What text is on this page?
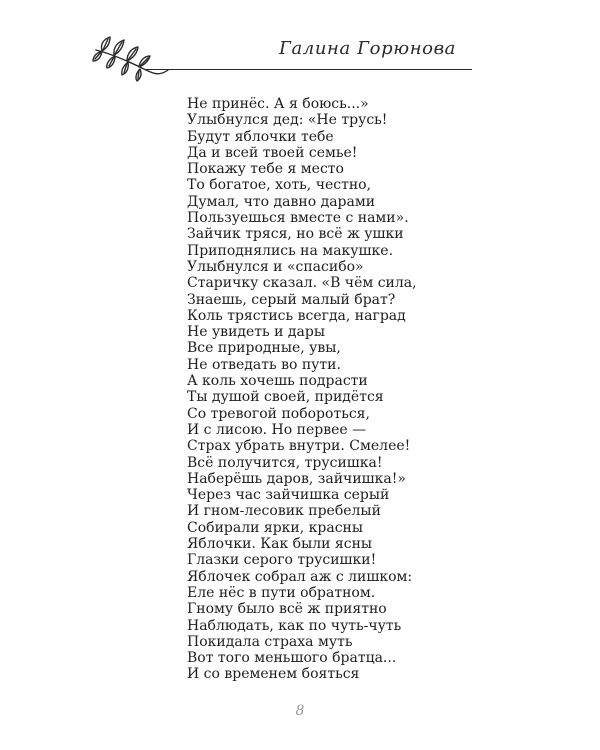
Галина Горюнова
Не принёс. А я боюсь...»
Улыбнулся дед: «Не трусь!
Будут яблочки тебе
Да и всей твоей семье!
Покажу тебе я место
То богатое, хоть, честно,
Думал, что давно дарами
Пользуешься вместе с нами».
Зайчик тряся, но всё ж ушки
Приподнялись на макушке.
Улыбнулся и «спасибо»
Старичку сказал. «В чём сила,
Знаешь, серый малый брат?
Коль трястись всегда, наград
Не увидеть и дары
Все природные, увы,
Не отведать во пути.
А коль хочешь подрасти
Ты душой своей, придётся
Со тревогой побороться,
И с лисою. Но первее —
Страх убрать внутри. Смелее!
Всё получится, трусишка!
Наберёшь даров, зайчишка!»
Через час зайчишка серый
И гном-лесовик пребелый
Собирали ярки, красны
Яблочки. Как были ясны
Глазки серого трусишки!
Яблочек собрал аж с лишком:
Еле нёс в пути обратном.
Гному было всё ж приятно
Наблюдать, как по чуть-чуть
Покидала страха муть
Вот того меньшого братца...
И со временем бояться
8
